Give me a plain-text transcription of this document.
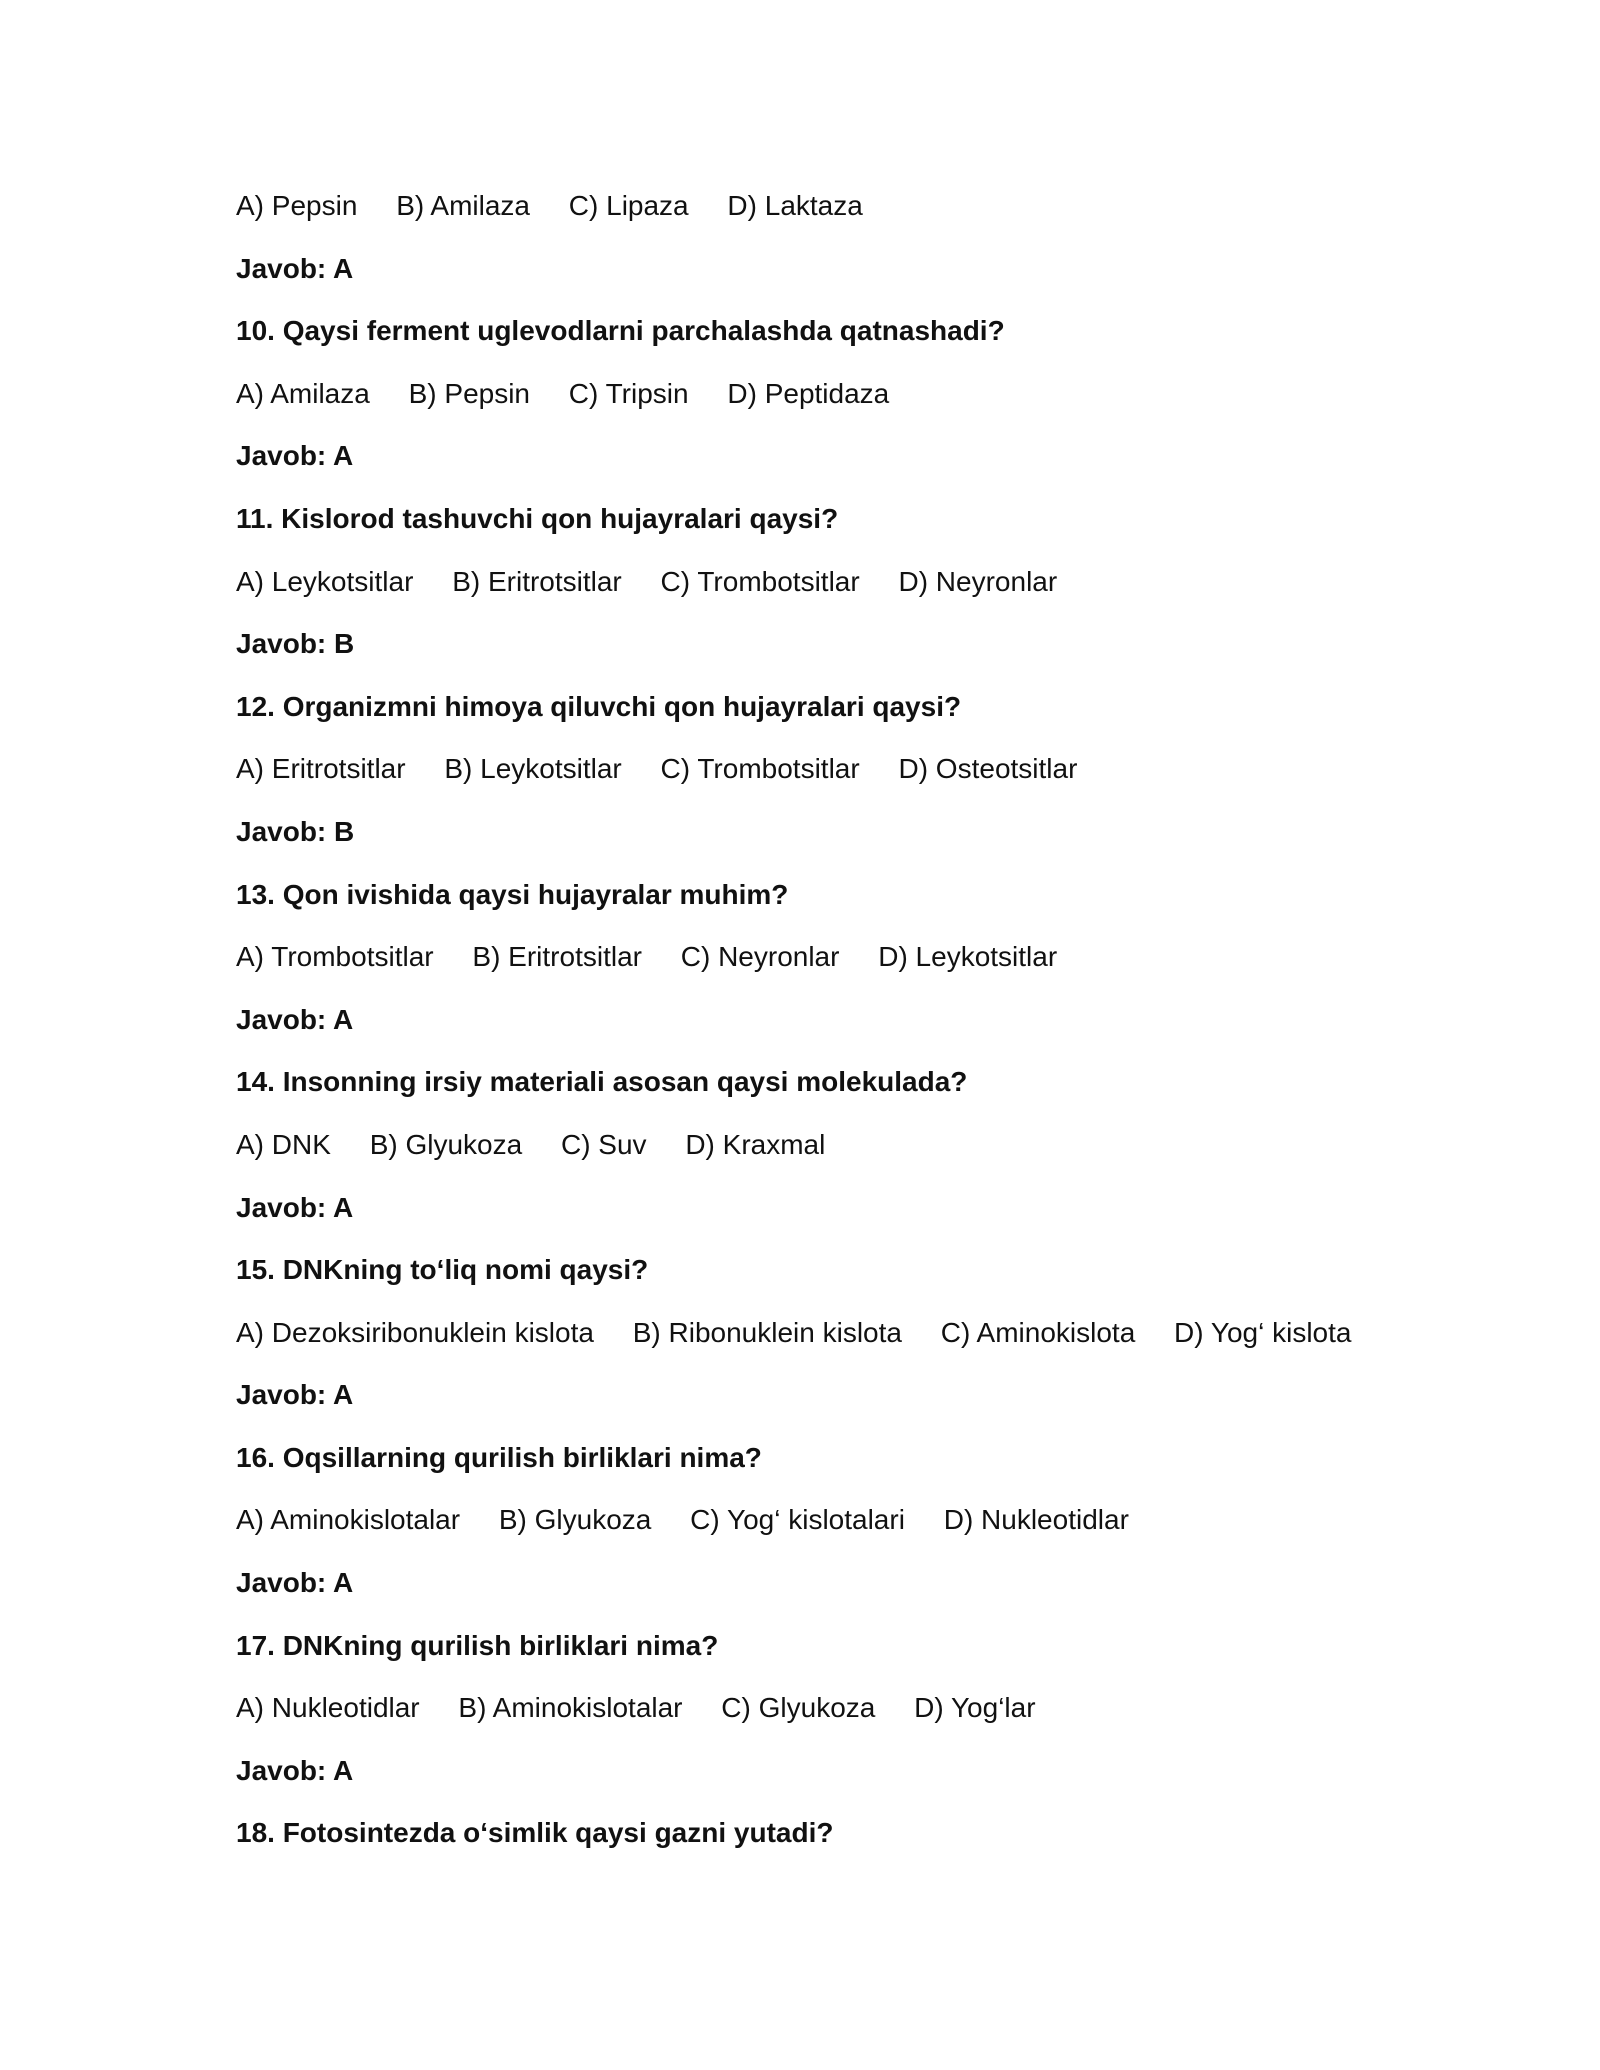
A) Pepsin B) Amilaza C) Lipaza D) Laktaza
Javob: A
10. Qaysi ferment uglevodlarni parchalashda qatnashadi?
A) Amilaza B) Pepsin C) Tripsin D) Peptidaza
Javob: A
11. Kislorod tashuvchi qon hujayralari qaysi?
A) Leykotsitlar B) Eritrotsitlar C) Trombotsitlar D) Neyronlar
Javob: B
12. Organizmni himoya qiluvchi qon hujayralari qaysi?
A) Eritrotsitlar B) Leykotsitlar C) Trombotsitlar D) Osteotsitlar
Javob: B
13. Qon ivishida qaysi hujayralar muhim?
A) Trombotsitlar B) Eritrotsitlar C) Neyronlar D) Leykotsitlar
Javob: A
14. Insonning irsiy materiali asosan qaysi molekulada?
A) DNK B) Glyukoza C) Suv D) Kraxmal
Javob: A
15. DNKning to‘liq nomi qaysi?
A) Dezoksiribonuklein kislota B) Ribonuklein kislota C) Aminokislota D) Yog‘ kislota
Javob: A
16. Oqsillarning qurilish birliklari nima?
A) Aminokislotalar B) Glyukoza C) Yog‘ kislotalari D) Nukleotidlar
Javob: A
17. DNKning qurilish birliklari nima?
A) Nukleotidlar B) Aminokislotalar C) Glyukoza D) Yog‘lar
Javob: A
18. Fotosintezda o‘simlik qaysi gazni yutadi?
